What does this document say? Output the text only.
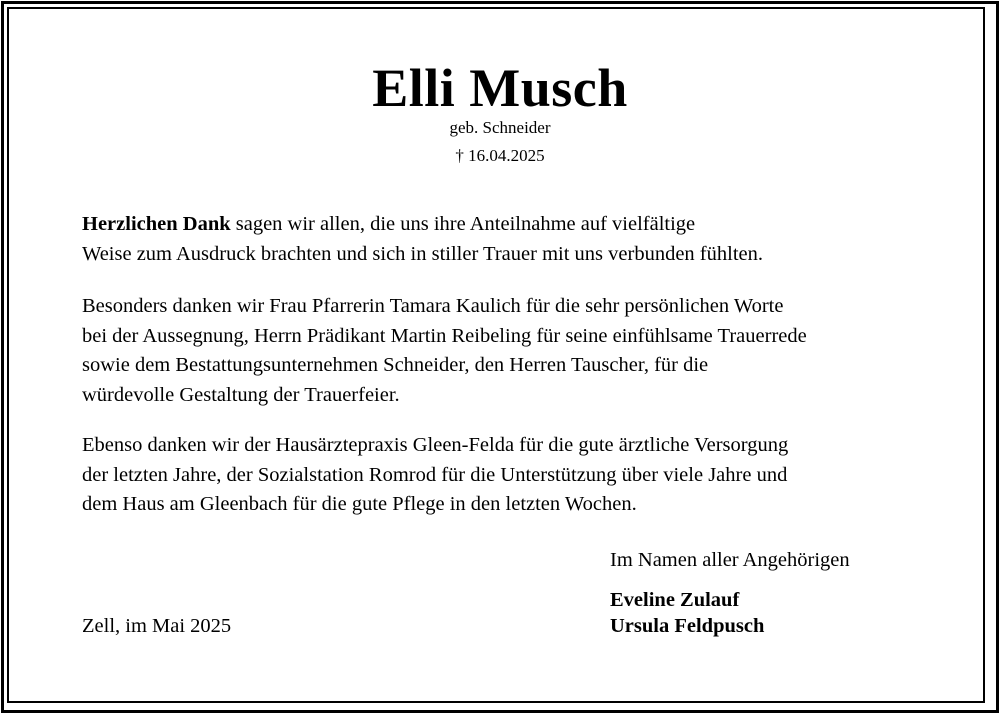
Elli Musch
geb. Schneider
† 16.04.2025

Herzlichen Dank sagen wir allen, die uns ihre Anteilnahme auf vielfältige
Weise zum Ausdruck brachten und sich in stiller Trauer mit uns verbunden fühlten.

Besonders danken wir Frau Pfarrerin Tamara Kaulich für die sehr persönlichen Worte
bei der Aussegnung, Herrn Prädikant Martin Reibeling für seine einfühlsame Trauerrede
sowie dem Bestattungsunternehmen Schneider, den Herren Tauscher, für die
würdevolle Gestaltung der Trauerfeier.

Ebenso danken wir der Hausärztepraxis Gleen-Felda für die gute ärztliche Versorgung
der letzten Jahre, der Sozialstation Romrod für die Unterstützung über viele Jahre und
dem Haus am Gleenbach für die gute Pflege in den letzten Wochen.

Im Namen aller Angehörigen
Eveline Zulauf
Ursula Feldpusch
Zell, im Mai 2025
